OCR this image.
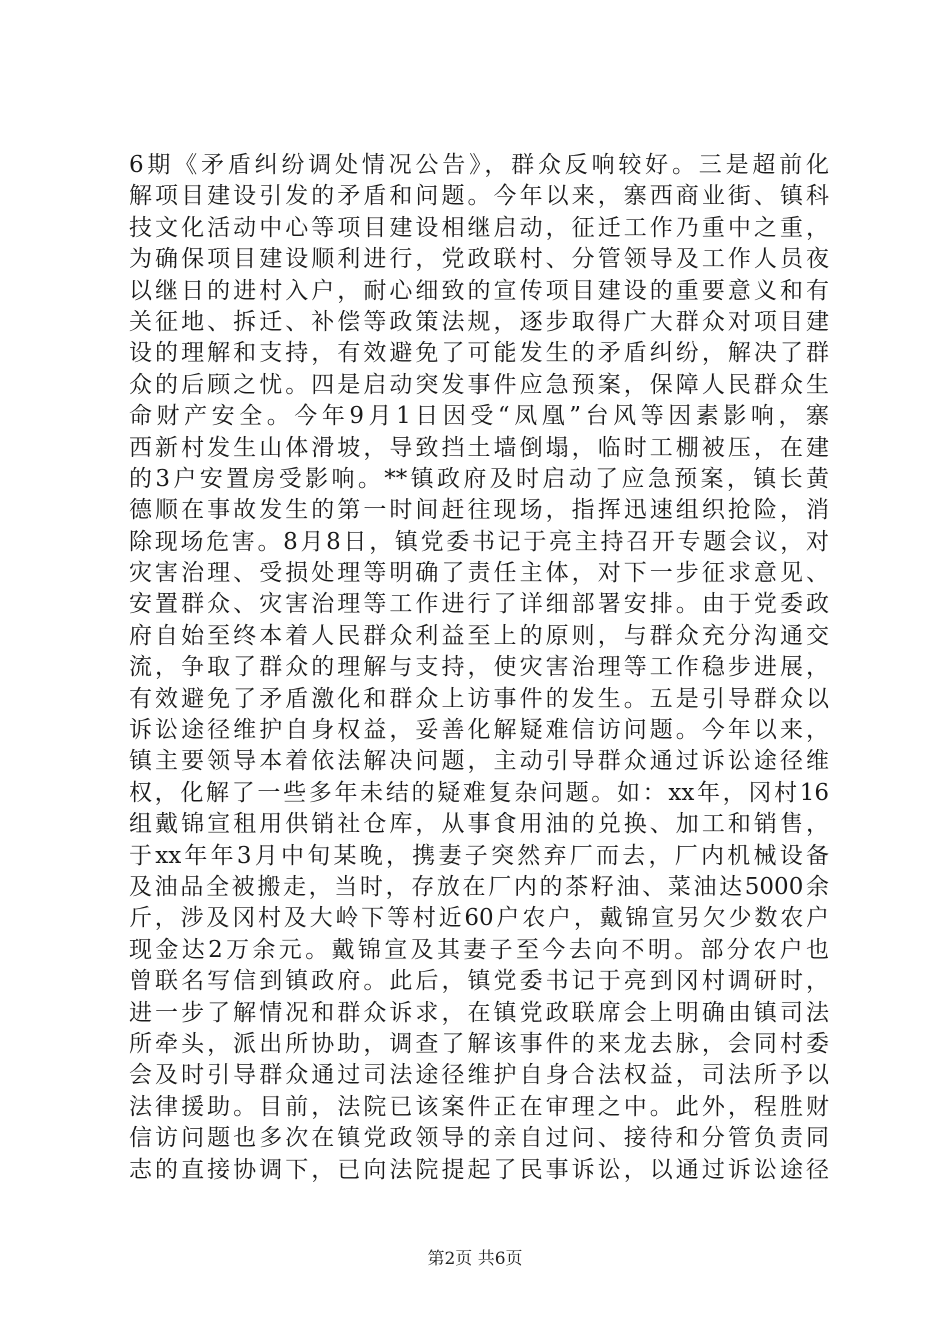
6期《矛盾纠纷调处情况公告》，群众反响较好。三是超前化
解项目建设引发的矛盾和问题。今年以来，寨西商业街、镇科
技文化活动中心等项目建设相继启动，征迁工作乃重中之重，
为确保项目建设顺利进行，党政联村、分管领导及工作人员夜
以继日的进村入户，耐心细致的宣传项目建设的重要意义和有
关征地、拆迁、补偿等政策法规，逐步取得广大群众对项目建
设的理解和支持，有效避免了可能发生的矛盾纠纷，解决了群
众的后顾之忧。四是启动突发事件应急预案，保障人民群众生
命财产安全。今年9月1日因受“凤凰”台风等因素影响，寨
西新村发生山体滑坡，导致挡土墙倒塌，临时工棚被压，在建
的3户安置房受影响。**镇政府及时启动了应急预案，镇长黄
德顺在事故发生的第一时间赶往现场，指挥迅速组织抢险，消
除现场危害。8月8日，镇党委书记于亮主持召开专题会议，对
灾害治理、受损处理等明确了责任主体，对下一步征求意见、
安置群众、灾害治理等工作进行了详细部署安排。由于党委政
府自始至终本着人民群众利益至上的原则，与群众充分沟通交
流，争取了群众的理解与支持，使灾害治理等工作稳步进展，
有效避免了矛盾激化和群众上访事件的发生。五是引导群众以
诉讼途径维护自身权益，妥善化解疑难信访问题。今年以来，
镇主要领导本着依法解决问题，主动引导群众通过诉讼途径维
权，化解了一些多年未结的疑难复杂问题。如：xx年，冈村16
组戴锦宣租用供销社仓库，从事食用油的兑换、加工和销售，
于xx年年3月中旬某晚，携妻子突然弃厂而去，厂内机械设备
及油品全被搬走，当时，存放在厂内的茶籽油、菜油达5000余
斤，涉及冈村及大岭下等村近60户农户，戴锦宣另欠少数农户
现金达2万余元。戴锦宣及其妻子至今去向不明。部分农户也
曾联名写信到镇政府。此后，镇党委书记于亮到冈村调研时，
进一步了解情况和群众诉求，在镇党政联席会上明确由镇司法
所牵头，派出所协助，调查了解该事件的来龙去脉，会同村委
会及时引导群众通过司法途径维护自身合法权益，司法所予以
法律援助。目前，法院已该案件正在审理之中。此外，程胜财
信访问题也多次在镇党政领导的亲自过问、接待和分管负责同
志的直接协调下，已向法院提起了民事诉讼，以通过诉讼途径
第2页 共6页
